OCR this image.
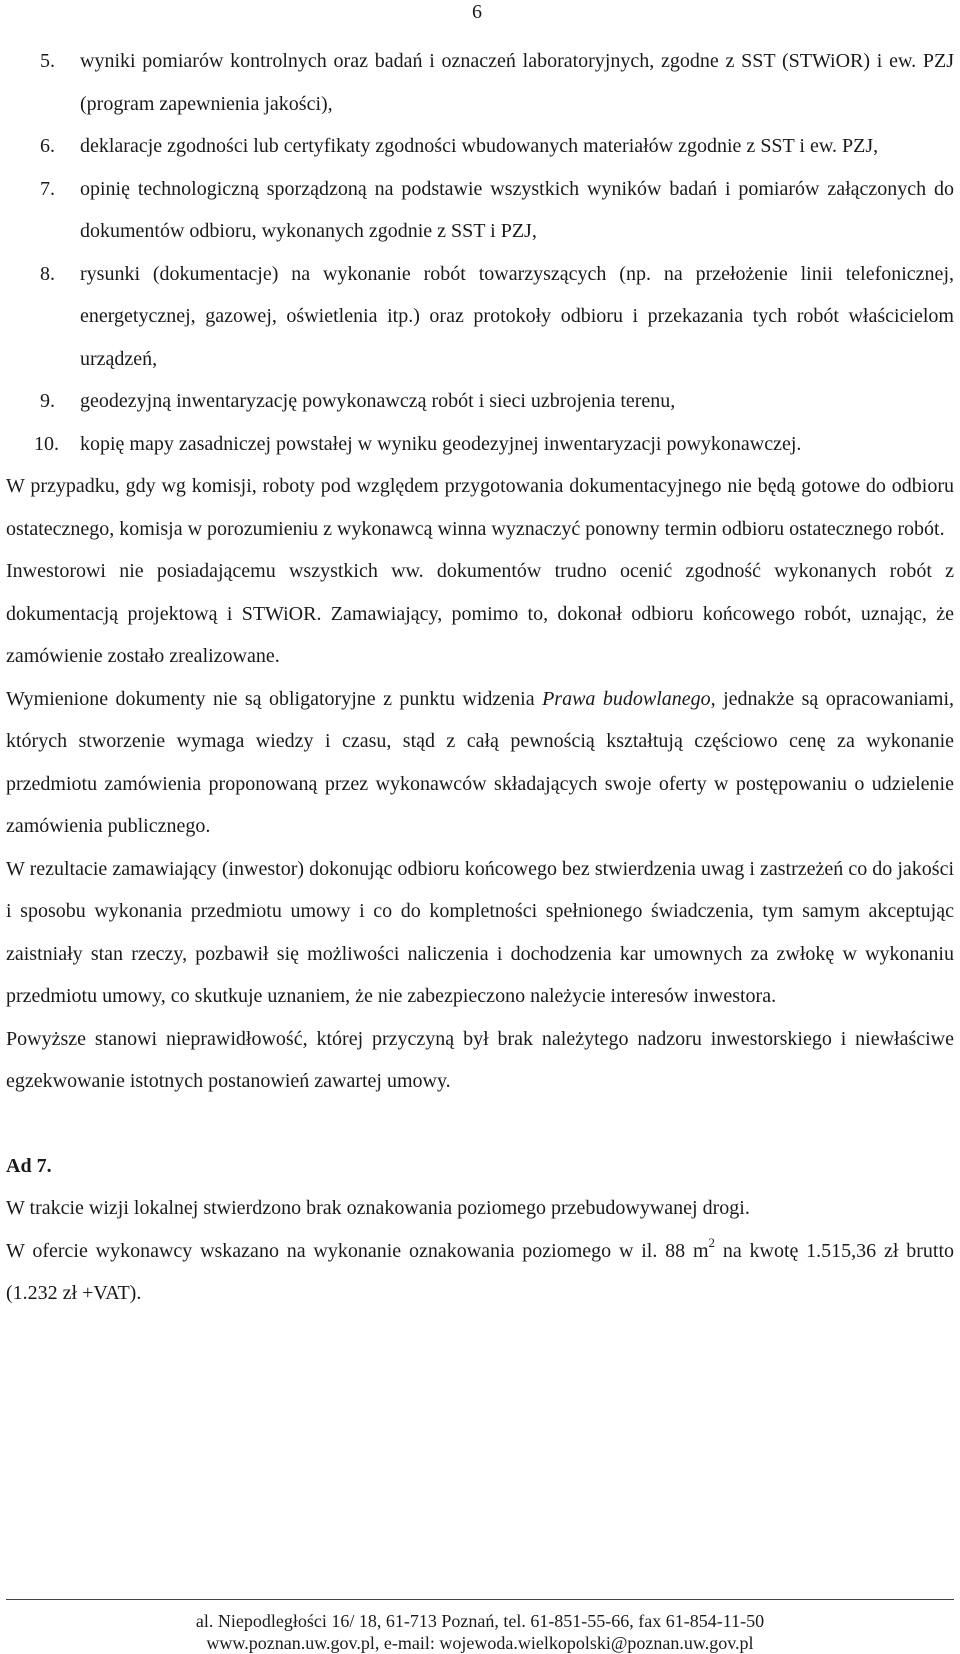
6
5. wyniki pomiarów kontrolnych oraz badań i oznaczeń laboratoryjnych, zgodne z SST (STWiOR) i ew. PZJ (program zapewnienia jakości),
6. deklaracje zgodności lub certyfikaty zgodności wbudowanych materiałów zgodnie z SST i ew. PZJ,
7. opinię technologiczną sporządzoną na podstawie wszystkich wyników badań i pomiarów załączonych do dokumentów odbioru, wykonanych zgodnie z SST i PZJ,
8. rysunki (dokumentacje) na wykonanie robót towarzyszących (np. na przełożenie linii telefonicznej, energetycznej, gazowej, oświetlenia itp.) oraz protokoły odbioru i przekazania tych robót właścicielom urządzeń,
9. geodezyjną inwentaryzację powykonawczą robót i sieci uzbrojenia terenu,
10. kopię mapy zasadniczej powstałej w wyniku geodezyjnej inwentaryzacji powykonawczej.

W przypadku, gdy wg komisji, roboty pod względem przygotowania dokumentacyjnego nie będą gotowe do odbioru ostatecznego, komisja w porozumieniu z wykonawcą winna wyznaczyć ponowny termin odbioru ostatecznego robót.

Inwestorowi nie posiadającemu wszystkich ww. dokumentów trudno ocenić zgodność wykonanych robót z dokumentacją projektową i STWiOR. Zamawiający, pomimo to, dokonał odbioru końcowego robót, uznając, że zamówienie zostało zrealizowane.

Wymienione dokumenty nie są obligatoryjne z punktu widzenia Prawa budowlanego, jednakże są opracowaniami, których stworzenie wymaga wiedzy i czasu, stąd z całą pewnością kształtują częściowo cenę za wykonanie przedmiotu zamówienia proponowaną przez wykonawców składających swoje oferty w postępowaniu o udzielenie zamówienia publicznego.

W rezultacie zamawiający (inwestor) dokonując odbioru końcowego bez stwierdzenia uwag i zastrzeżeń co do jakości i sposobu wykonania przedmiotu umowy i co do kompletności spełnionego świadczenia, tym samym akceptując zaistniały stan rzeczy, pozbawił się możliwości naliczenia i dochodzenia kar umownych za zwłokę w wykonaniu przedmiotu umowy, co skutkuje uznaniem, że nie zabezpieczono należycie interesów inwestora.

Powyższe stanowi nieprawidłowość, której przyczyną był brak należytego nadzoru inwestorskiego i niewłaściwe egzekwowanie istotnych postanowień zawartej umowy.

Ad 7.

W trakcie wizji lokalnej stwierdzono brak oznakowania poziomego przebudowywanej drogi.

W ofercie wykonawcy wskazano na wykonanie oznakowania poziomego w il. 88 $m^2$ na kwotę 1.515,36 zł brutto (1.232 zł +VAT).

al. Niepodległości 16/ 18, 61-713 Poznań, tel. 61-851-55-66, fax 61-854-11-50
www.poznan.uw.gov.pl, e-mail: wojewoda.wielkopolski@poznan.uw.gov.pl
